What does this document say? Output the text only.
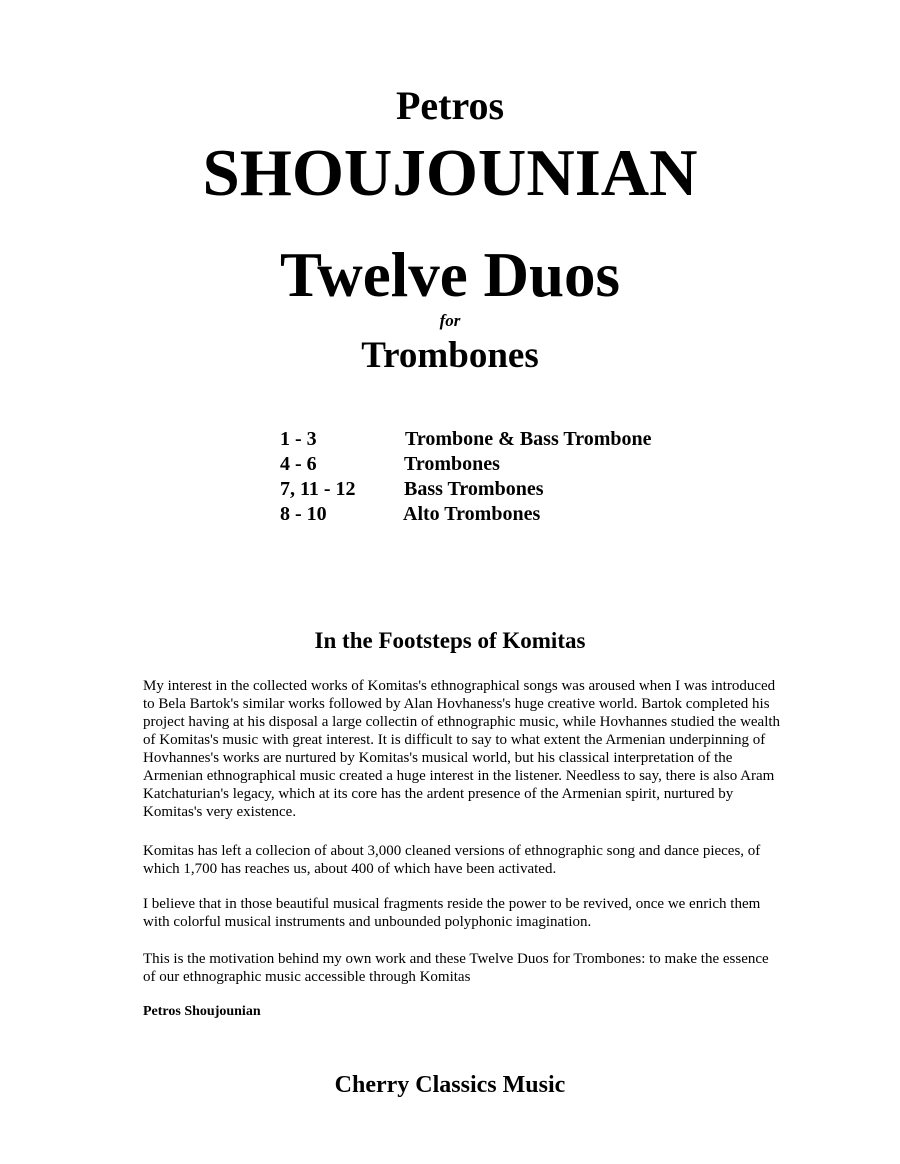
Petros
SHOUJOUNIAN
Twelve Duos
for
Trombones
1 - 3	Trombone & Bass Trombone
4 - 6	Trombones
7, 11 - 12 Bass Trombones
8 - 10	Alto Trombones
In the Footsteps of Komitas

My interest in the collected works of Komitas's ethnographical songs was aroused when I was introduced to Bela Bartok's similar works followed by Alan Hovhaness's huge creative world. Bartok completed his project having at his disposal a large collectin of ethnographic music, while Hovhannes studied the wealth of Komitas's music with great interest. It is difficult to say to what extent the Armenian underpinning of Hovhannes's works are nurtured by Komitas's musical world, but his classical interpretation of the Armenian ethnographical music created a huge interest in the listener. Needless to say, there is also Aram Katchaturian's legacy, which at its core has the ardent presence of the Armenian spirit, nurtured by Komitas's very existence.

Komitas has left a collecion of about 3,000 cleaned versions of ethnographic song and dance pieces, of which 1,700 has reaches us, about 400 of which have been activated.

I believe that in those beautiful musical fragments reside the power to be revived, once we enrich them with colorful musical instruments and unbounded polyphonic imagination.

This is the motivation behind my own work and these Twelve Duos for Trombones: to make the essence of our ethnographic music accessible through Komitas

Petros Shoujounian
Cherry Classics Music
